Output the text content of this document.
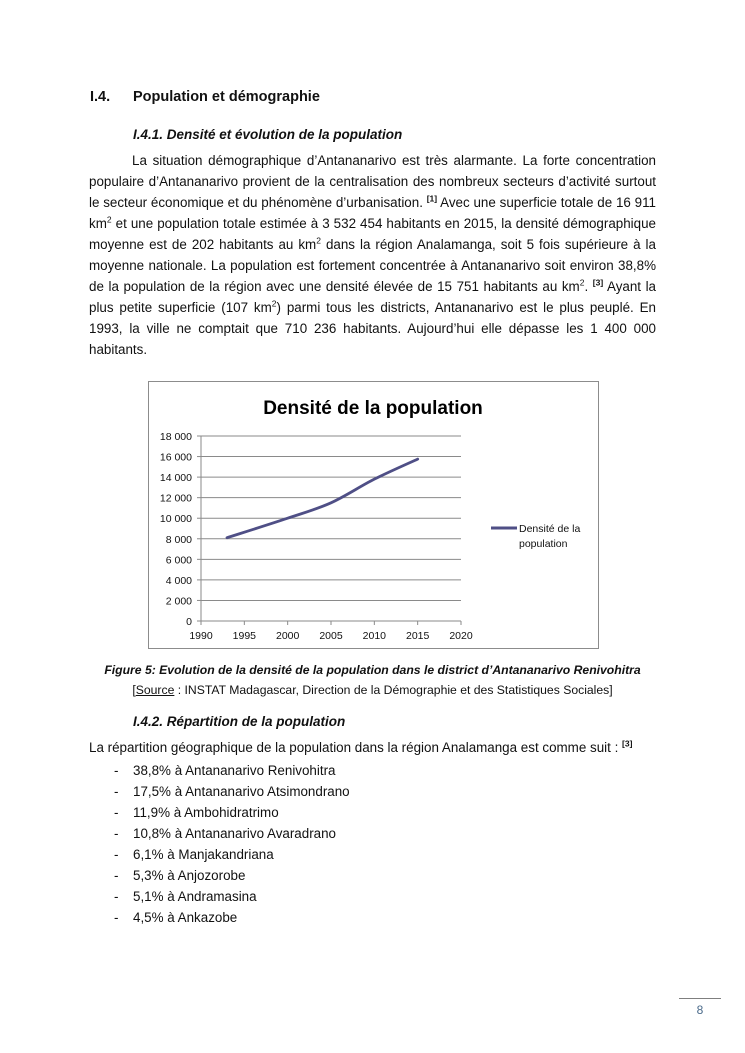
I.4. Population et démographie
I.4.1. Densité et évolution de la population
La situation démographique d’Antananarivo est très alarmante. La forte concentration populaire d’Antananarivo provient de la centralisation des nombreux secteurs d’activité surtout le secteur économique et du phénomène d’urbanisation. [1] Avec une superficie totale de 16 911 $km^2$ et une population totale estimée à 3 532 454 habitants en 2015, la densité démographique moyenne est de 202 habitants au $km^2$ dans la région Analamanga, soit 5 fois supérieure à la moyenne nationale. La population est fortement concentrée à Antananarivo soit environ 38,8% de la population de la région avec une densité élevée de 15 751 habitants au $km^2$. [3] Ayant la plus petite superficie (107 $km^2$) parmi tous les districts, Antananarivo est le plus peuplé. En 1993, la ville ne comptait que 710 236 habitants. Aujourd’hui elle dépasse les 1 400 000 habitants.
Densité de la population
0
2 000
4 000
6 000
8 000
10 000
12 000
14 000
16 000
18 000
1990 1995 2000 2005 2010 2015 2020
Densité de la
population
Figure 5: Evolution de la densité de la population dans le district d’Antananarivo Renivohitra
[Source : INSTAT Madagascar, Direction de la Démographie et des Statistiques Sociales]
I.4.2. Répartition de la population
La répartition géographique de la population dans la région Analamanga est comme suit : [3]
- 38,8% à Antananarivo Renivohitra
- 17,5% à Antananarivo Atsimondrano
- 11,9% à Ambohidratrimo
- 10,8% à Antananarivo Avaradrano
- 6,1% à Manjakandriana
- 5,3% à Anjozorobe
- 5,1% à Andramasina
- 4,5% à Ankazobe
8
